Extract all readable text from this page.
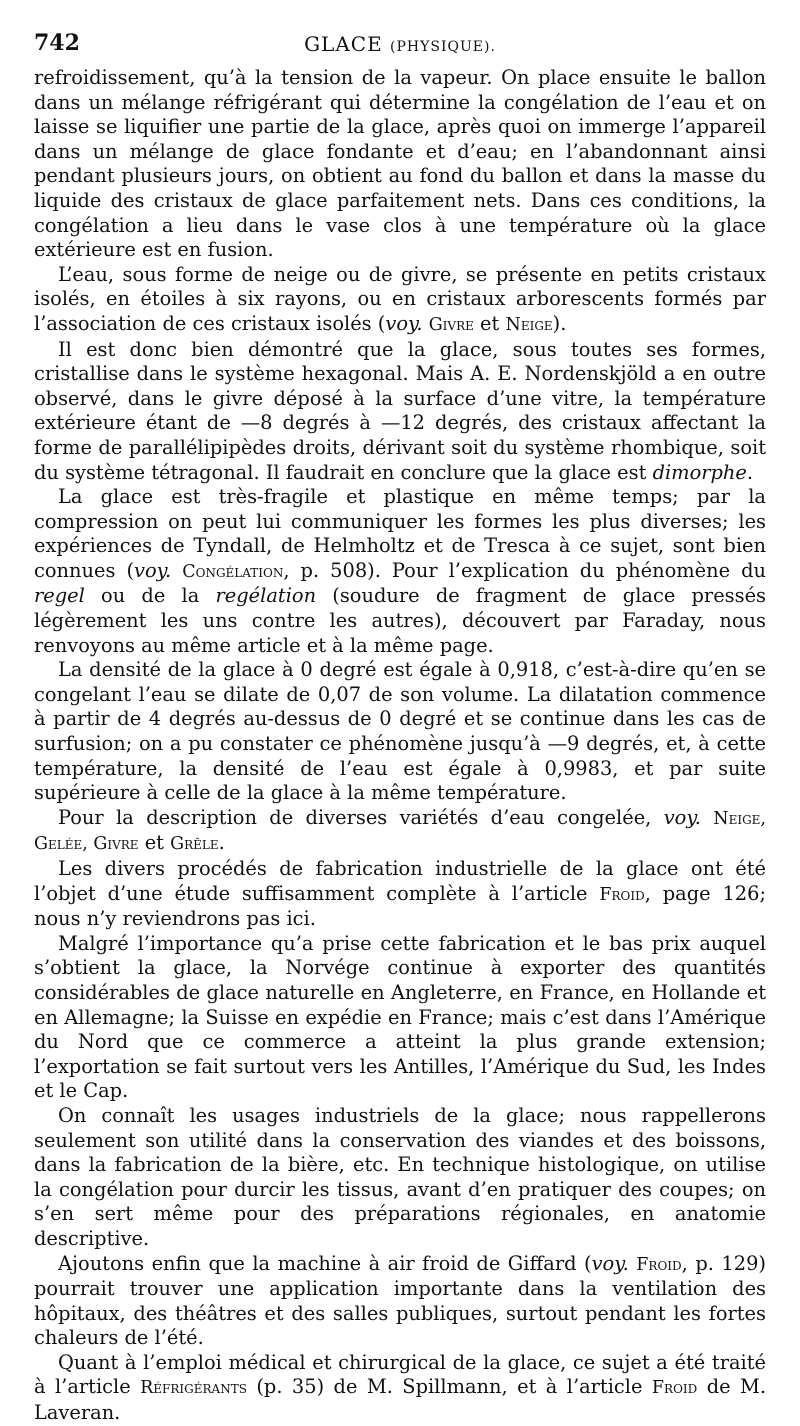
742	GLACE (PHYSIQUE).

refroidissement, qu’à la tension de la vapeur. On place ensuite le ballon dans un mélange réfrigérant qui détermine la congélation de l’eau et on laisse se liquifier une partie de la glace, après quoi on immerge l’appareil dans un mélange de glace fondante et d’eau; en l’abandonnant ainsi pendant plusieurs jours, on obtient au fond du ballon et dans la masse du liquide des cristaux de glace parfaitement nets. Dans ces conditions, la congélation a lieu dans le vase clos à une température où la glace extérieure est en fusion.

L’eau, sous forme de neige ou de givre, se présente en petits cristaux isolés, en étoiles à six rayons, ou en cristaux arborescents formés par l’association de ces cristaux isolés (voy. Givre et Neige).

Il est donc bien démontré que la glace, sous toutes ses formes, cristallise dans le système hexagonal. Mais A. E. Nordenskjöld a en outre observé, dans le givre déposé à la surface d’une vitre, la température extérieure étant de —8 degrés à —12 degrés, des cristaux affectant la forme de parallélipipèdes droits, dérivant soit du système rhombique, soit du système tétragonal. Il faudrait en conclure que la glace est dimorphe.

La glace est très-fragile et plastique en même temps; par la compression on peut lui communiquer les formes les plus diverses; les expériences de Tyndall, de Helmholtz et de Tresca à ce sujet, sont bien connues (voy. Congélation, p. 508). Pour l’explication du phénomène du regel ou de la regélation (soudure de fragment de glace pressés légèrement les uns contre les autres), découvert par Faraday, nous renvoyons au même article et à la même page.

La densité de la glace à 0 degré est égale à 0,918, c’est-à-dire qu’en se congelant l’eau se dilate de 0,07 de son volume. La dilatation commence à partir de 4 degrés au-dessus de 0 degré et se continue dans les cas de surfusion; on a pu constater ce phénomène jusqu’à —9 degrés, et, à cette température, la densité de l’eau est égale à 0,9983, et par suite supérieure à celle de la glace à la même température.

Pour la description de diverses variétés d’eau congelée, voy. Neige, Gelée, Givre et Grêle.

Les divers procédés de fabrication industrielle de la glace ont été l’objet d’une étude suffisamment complète à l’article Froid, page 126; nous n’y reviendrons pas ici.

Malgré l’importance qu’a prise cette fabrication et le bas prix auquel s’obtient la glace, la Norvége continue à exporter des quantités considérables de glace naturelle en Angleterre, en France, en Hollande et en Allemagne; la Suisse en expédie en France; mais c’est dans l’Amérique du Nord que ce commerce a atteint la plus grande extension; l’exportation se fait surtout vers les Antilles, l’Amérique du Sud, les Indes et le Cap.

On connaît les usages industriels de la glace; nous rappellerons seulement son utilité dans la conservation des viandes et des boissons, dans la fabrication de la bière, etc. En technique histologique, on utilise la congélation pour durcir les tissus, avant d’en pratiquer des coupes; on s’en sert même pour des préparations régionales, en anatomie descriptive.

Ajoutons enfin que la machine à air froid de Giffard (voy. Froid, p. 129) pourrait trouver une application importante dans la ventilation des hôpitaux, des théâtres et des salles publiques, surtout pendant les fortes chaleurs de l’été.

Quant à l’emploi médical et chirurgical de la glace, ce sujet a été traité à l’article Réfrigérants (p. 35) de M. Spillmann, et à l’article Froid de M. Laveran.
